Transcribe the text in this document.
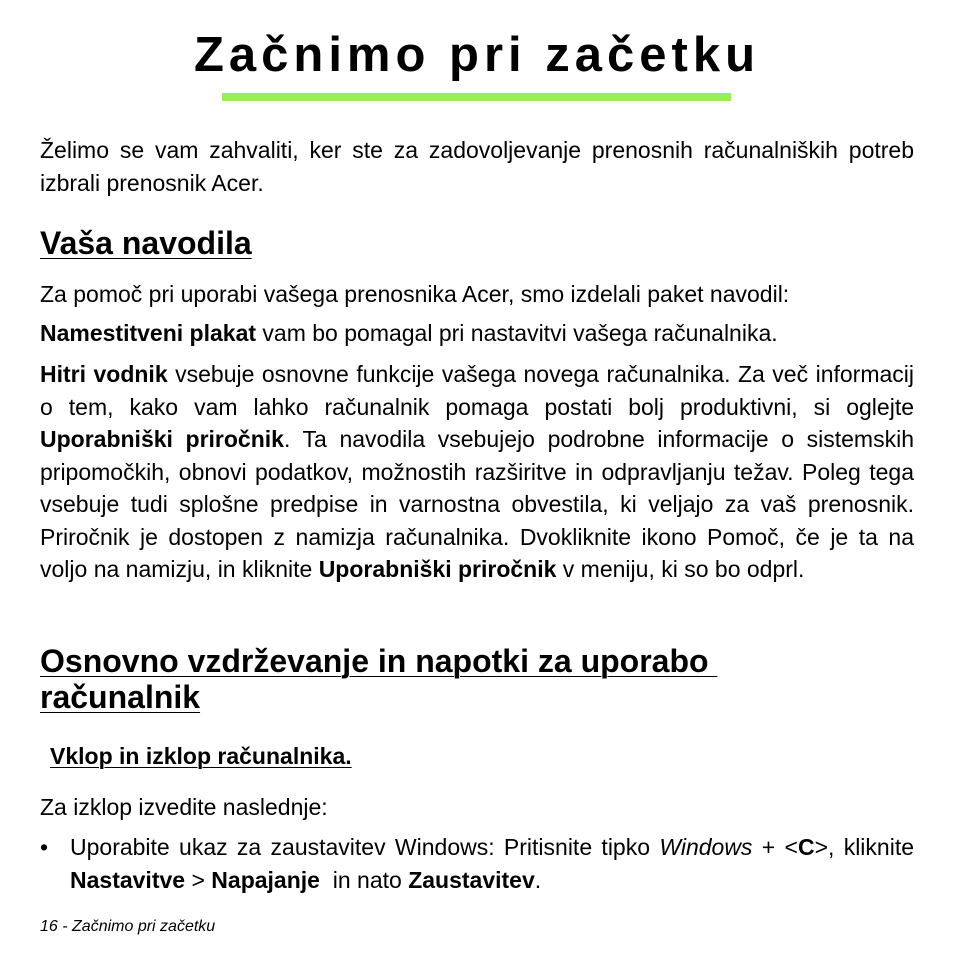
Začnimo pri začetku

Želimo se vam zahvaliti, ker ste za zadovoljevanje prenosnih računalniških potreb izbrali prenosnik Acer.

Vaša navodila

Za pomoč pri uporabi vašega prenosnika Acer, smo izdelali paket navodil:

Namestitveni plakat vam bo pomagal pri nastavitvi vašega računalnika.

Hitri vodnik vsebuje osnovne funkcije vašega novega računalnika. Za več informacij o tem, kako vam lahko računalnik pomaga postati bolj produktivni, si oglejte Uporabniški priročnik. Ta navodila vsebujejo podrobne informacije o sistemskih pripomočkih, obnovi podatkov, možnostih razširitve in odpravljanju težav. Poleg tega vsebuje tudi splošne predpise in varnostna obvestila, ki veljajo za vaš prenosnik. Priročnik je dostopen z namizja računalnika. Dvokliknite ikono Pomoč, če je ta na voljo na namizju, in kliknite Uporabniški priročnik v meniju, ki so bo odprl.

Osnovno vzdrževanje in napotki za uporabo
računalnik
Vklop in izklop računalnika.

Za izklop izvedite naslednje:

• Uporabite ukaz za zaustavitev Windows: Pritisnite tipko Windows + <C>, kliknite Nastavitve > Napajanje  in nato Zaustavitev.

16 - Začnimo pri začetku
